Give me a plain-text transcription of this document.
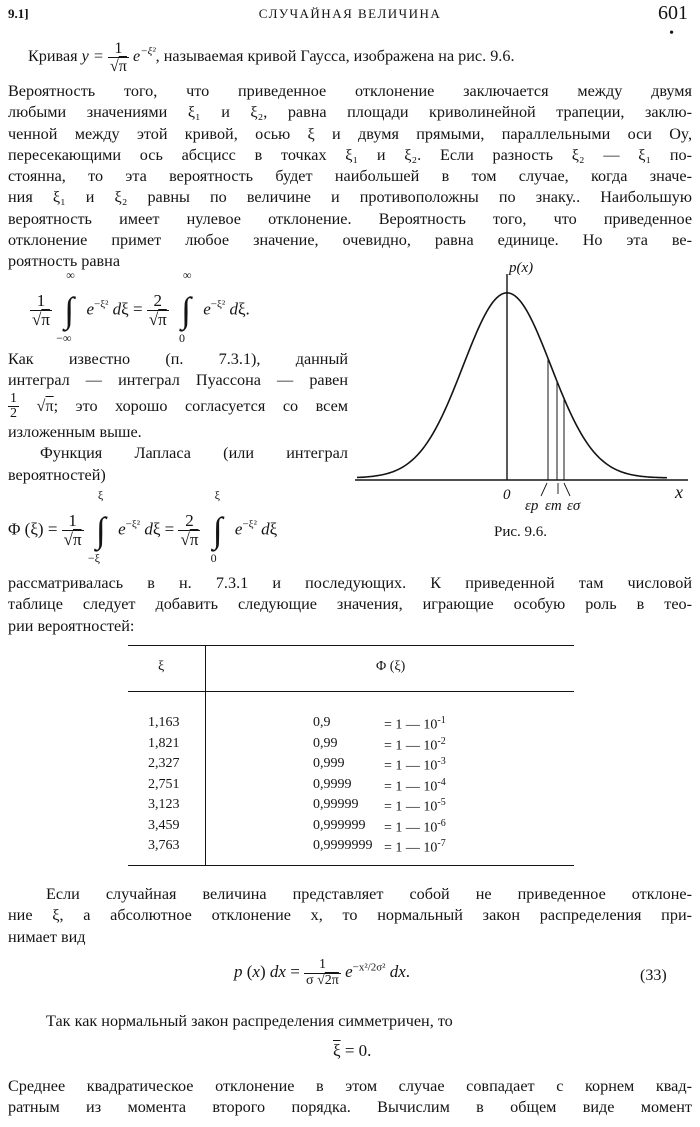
9.1]	СЛУЧАЙНАЯ ВЕЛИЧИНА	601
•
Кривая $y = \frac{1}{√\pi} e^{-\xi^2}$, называемая кривой Гаусса, изображена на рис. 9.6.
Вероятность того, что приведенное отклонение заключается между двумя
любыми значениями ξ₁ и ξ₂, равна площади криволинейной трапеции, заклю-
ченной между этой кривой, осью ξ и двумя прямыми, параллельными оси Oy,
пересекающими ось абсцисс в точках ξ₁ и ξ₂. Если разность ξ₂ — ξ₁ по-
стоянна, то эта вероятность будет наибольшей в том случае, когда значе-
ния ξ₁ и ξ₂ равны по величине и противоположны по знаку.. Наибольшую
вероятность имеет нулевое отклонение. Вероятность того, что приведенное
отклонение примет любое значение, очевидно, равна единице. Но эта ве-
роятность равна
$\frac{1}{√\pi}$

∞
∫
−∞
$e^{-\xi^2}$ $d\xi = \frac{2}{√\pi}$

∞
∫
0
$e^{-\xi^2}$ dξ.
Как известно (п. 7.3.1), данный
интеграл — интеграл Пуассона — равен
$\frac{1}{2} √\pi$; это хорошо согласуется со всем
изложенным выше.
Функция Лапласа (или интеграл
вероятностей)
Φ $(\xi) = \frac{1}{√\pi}$

ξ
∫
−ξ
$e^{-\xi^2}$ $d\xi = \frac{2}{√\pi}$

ξ
∫
0
$e^{-\xi^2}$ dξ
p(x)
x
0
εp εm εσ
Рис. 9.6.
рассматривалась в н. 7.3.1 и последующих. К приведенной там числовой
таблице следует добавить следующие значения, играющие особую роль в тео-
рии вероятностей:
ξ	Φ (ξ)
1,163	0,9	= 1 — $10^{-1}$
1,821	0,99	= 1 — $10^{-2}$
2,327	0,999	= 1 — $10^{-3}$
2,751	0,9999 = 1 — $10^{-4}$
3,123	0,99999 = 1 — $10^{-5}$
3,459	0,999999 = 1 — $10^{-6}$
3,763	0,9999999 = 1 — $10^{-7}$
Если случайная величина представляет собой не приведенное отклоне-
ние ξ, а абсолютное отклонение x, то нормальный закон распределения при-
нимает вид
p (x) dx = $\frac{1}{\sigma √2\pi} e^{-x^2/2\sigma^2}$ dx.	(33)
Так как нормальный закон распределения симметричен, то
$\overline{\xi} = 0$.
Среднее квадратическое отклонение в этом случае совпадает с корнем квад-
ратным из момента второго порядка. Вычислим в общем виде момент
